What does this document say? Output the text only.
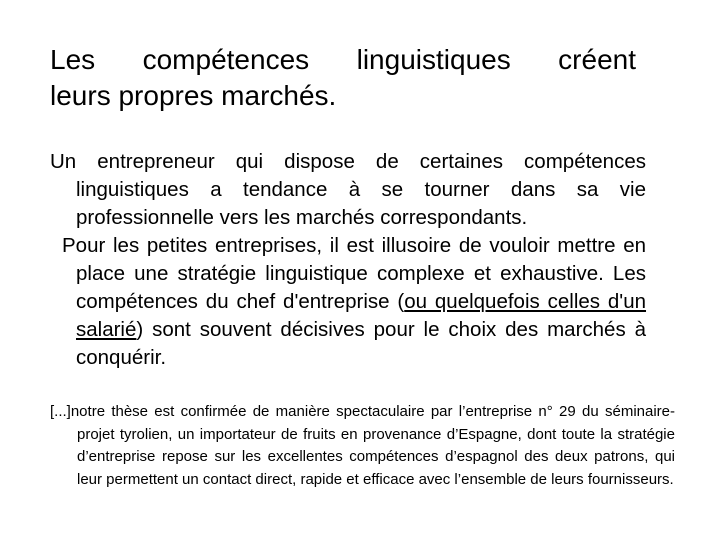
Les compétences linguistiques créent
leurs propres marchés.

Un entrepreneur qui dispose de certaines compétences linguistiques a tendance à se tourner dans sa vie professionnelle vers les marchés correspondants.

Pour les petites entreprises, il est illusoire de vouloir mettre en place une stratégie linguistique complexe et exhaustive. Les compétences du chef d'entreprise (ou quelquefois celles d'un salarié) sont souvent décisives pour le choix des marchés à conquérir.

[...]notre thèse est confirmée de manière spectaculaire par l’entreprise n° 29 du séminaire-projet tyrolien, un importateur de fruits en provenance d’Espagne, dont toute la stratégie d’entreprise repose sur les excellentes compétences d’espagnol des deux patrons, qui leur permettent un contact direct, rapide et efficace avec l’ensemble de leurs fournisseurs.
